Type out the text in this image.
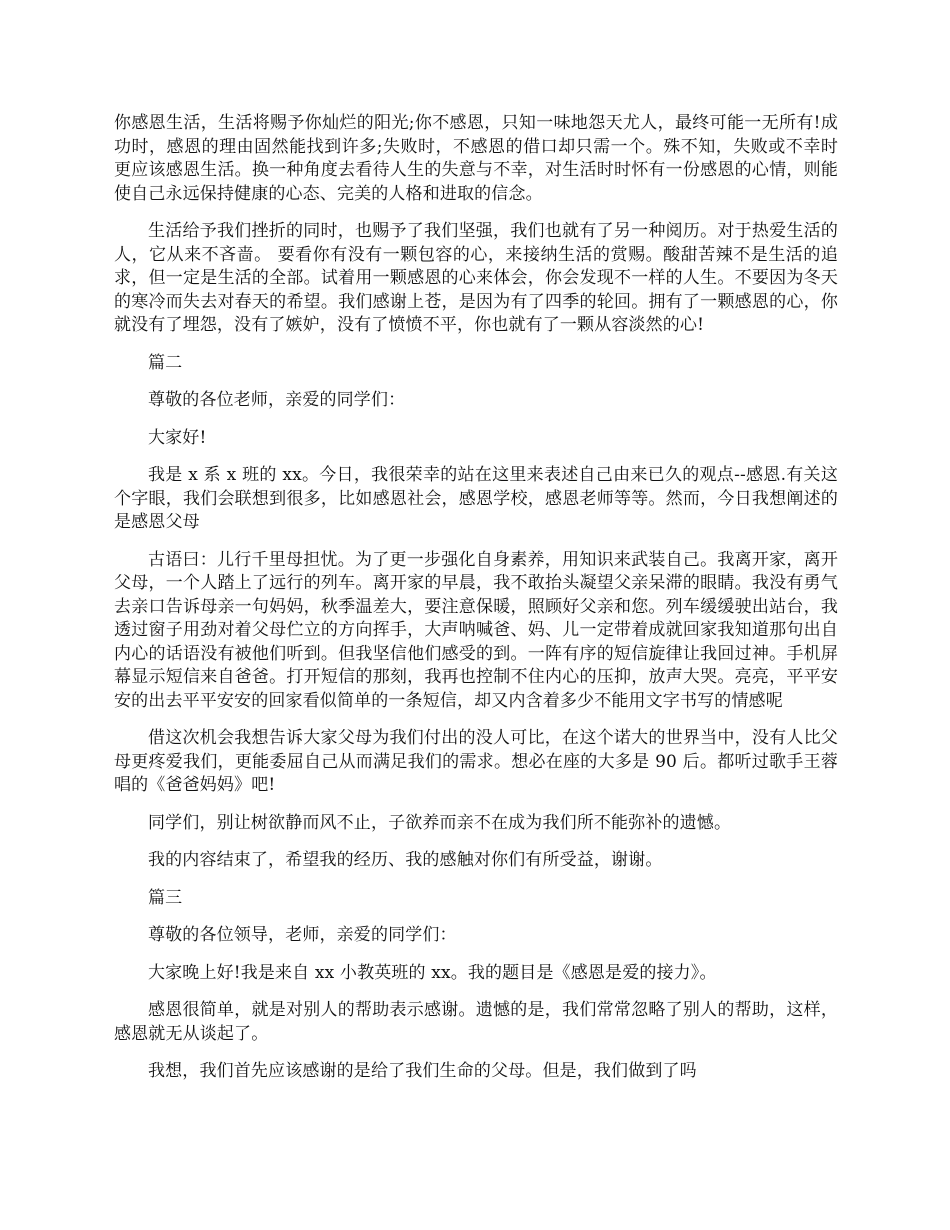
你感恩生活，生活将赐予你灿烂的阳光;你不感恩，只知一味地怨天尤人，最终可能一无所有!成功时，感恩的理由固然能找到许多;失败时，不感恩的借口却只需一个。殊不知，失败或不幸时更应该感恩生活。换一种角度去看待人生的失意与不幸，对生活时时怀有一份感恩的心情，则能使自己永远保持健康的心态、完美的人格和进取的信念。

生活给予我们挫折的同时，也赐予了我们坚强，我们也就有了另一种阅历。对于热爱生活的人，它从来不吝啬。 要看你有没有一颗包容的心，来接纳生活的赏赐。酸甜苦辣不是生活的追求，但一定是生活的全部。试着用一颗感恩的心来体会，你会发现不一样的人生。不要因为冬天的寒冷而失去对春天的希望。我们感谢上苍，是因为有了四季的轮回。拥有了一颗感恩的心，你就没有了埋怨，没有了嫉妒，没有了愤愤不平，你也就有了一颗从容淡然的心!

篇二

尊敬的各位老师，亲爱的同学们：

大家好!

我是 x 系 x 班的 xx。今日，我很荣幸的站在这里来表述自己由来已久的观点--感恩.有关这个字眼，我们会联想到很多，比如感恩社会，感恩学校，感恩老师等等。然而，今日我想阐述的是感恩父母

古语曰：儿行千里母担忧。为了更一步强化自身素养，用知识来武装自己。我离开家，离开父母，一个人踏上了远行的列车。离开家的早晨，我不敢抬头凝望父亲呆滞的眼睛。我没有勇气去亲口告诉母亲一句妈妈，秋季温差大，要注意保暖，照顾好父亲和您。列车缓缓驶出站台，我透过窗子用劲对着父母伫立的方向挥手，大声呐喊爸、妈、儿一定带着成就回家我知道那句出自内心的话语没有被他们听到。但我坚信他们感受的到。一阵有序的短信旋律让我回过神。手机屏幕显示短信来自爸爸。打开短信的那刻，我再也控制不住内心的压抑，放声大哭。亮亮，平平安安的出去平平安安的回家看似简单的一条短信，却又内含着多少不能用文字书写的情感呢

借这次机会我想告诉大家父母为我们付出的没人可比，在这个诺大的世界当中，没有人比父母更疼爱我们，更能委屈自己从而满足我们的需求。想必在座的大多是 90 后。都听过歌手王蓉唱的《爸爸妈妈》吧!

同学们，别让树欲静而风不止，子欲养而亲不在成为我们所不能弥补的遗憾。

我的内容结束了，希望我的经历、我的感触对你们有所受益，谢谢。

篇三

尊敬的各位领导，老师，亲爱的同学们：

大家晚上好!我是来自 xx 小教英班的 xx。我的题目是《感恩是爱的接力》。

感恩很简单，就是对别人的帮助表示感谢。遗憾的是，我们常常忽略了别人的帮助，这样，感恩就无从谈起了。

我想，我们首先应该感谢的是给了我们生命的父母。但是，我们做到了吗
